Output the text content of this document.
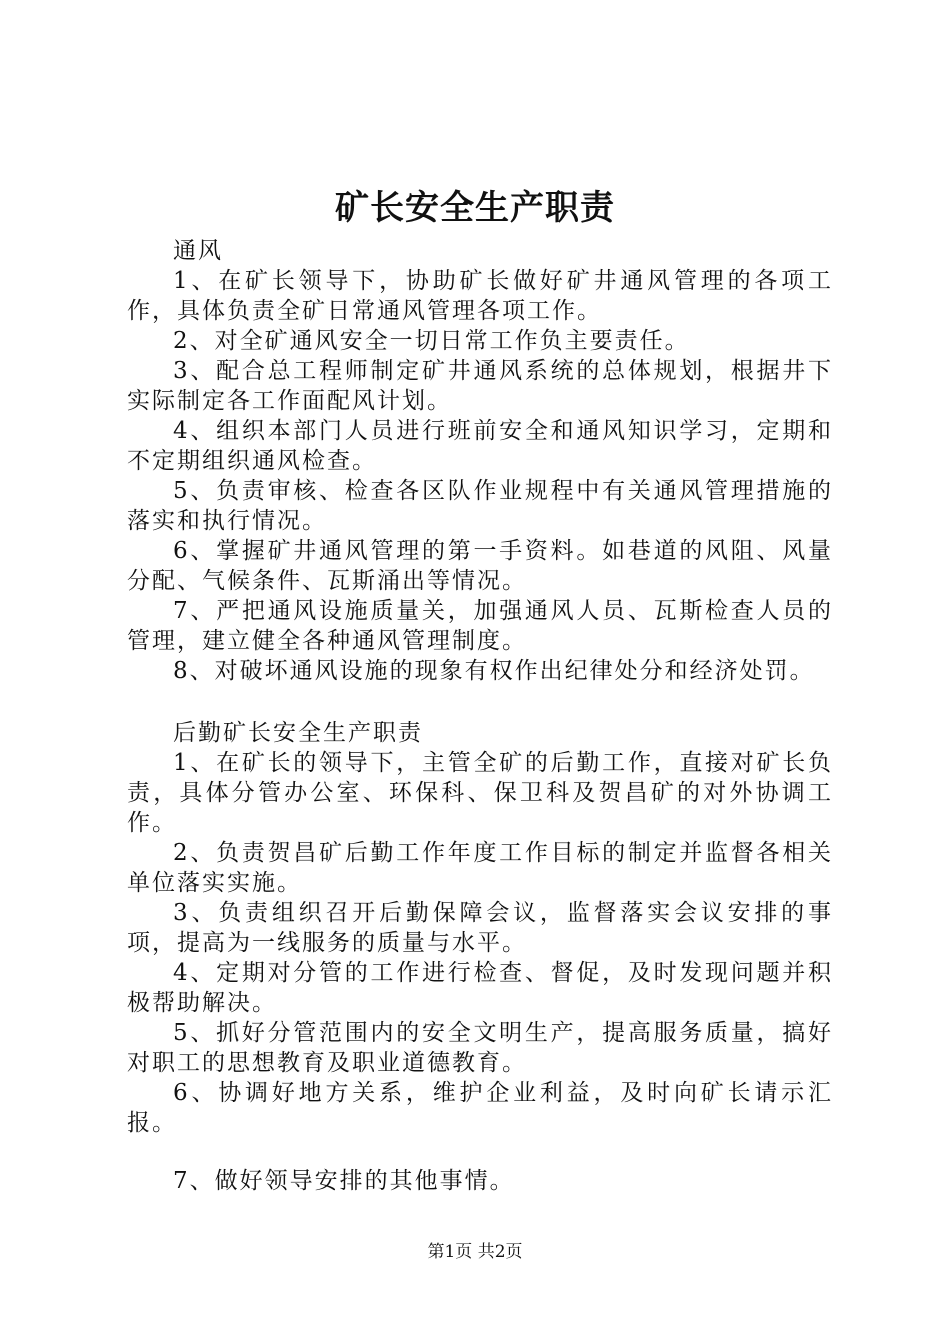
矿长安全生产职责

通风

1、在矿长领导下，协助矿长做好矿井通风管理的各项工作，具体负责全矿日常通风管理各项工作。

2、对全矿通风安全一切日常工作负主要责任。

3、配合总工程师制定矿井通风系统的总体规划，根据井下实际制定各工作面配风计划。

4、组织本部门人员进行班前安全和通风知识学习，定期和不定期组织通风检查。

5、负责审核、检查各区队作业规程中有关通风管理措施的落实和执行情况。

6、掌握矿井通风管理的第一手资料。如巷道的风阻、风量分配、气候条件、瓦斯涌出等情况。

7、严把通风设施质量关，加强通风人员、瓦斯检查人员的管理，建立健全各种通风管理制度。

8、对破坏通风设施的现象有权作出纪律处分和经济处罚。

后勤矿长安全生产职责

1、在矿长的领导下，主管全矿的后勤工作，直接对矿长负责，具体分管办公室、环保科、保卫科及贺昌矿的对外协调工作。

2、负责贺昌矿后勤工作年度工作目标的制定并监督各相关单位落实实施。

3、负责组织召开后勤保障会议，监督落实会议安排的事项，提高为一线服务的质量与水平。

4、定期对分管的工作进行检查、督促，及时发现问题并积极帮助解决。

5、抓好分管范围内的安全文明生产，提高服务质量，搞好对职工的思想教育及职业道德教育。

6、协调好地方关系，维护企业利益，及时向矿长请示汇报。

7、做好领导安排的其他事情。

第1页 共2页
